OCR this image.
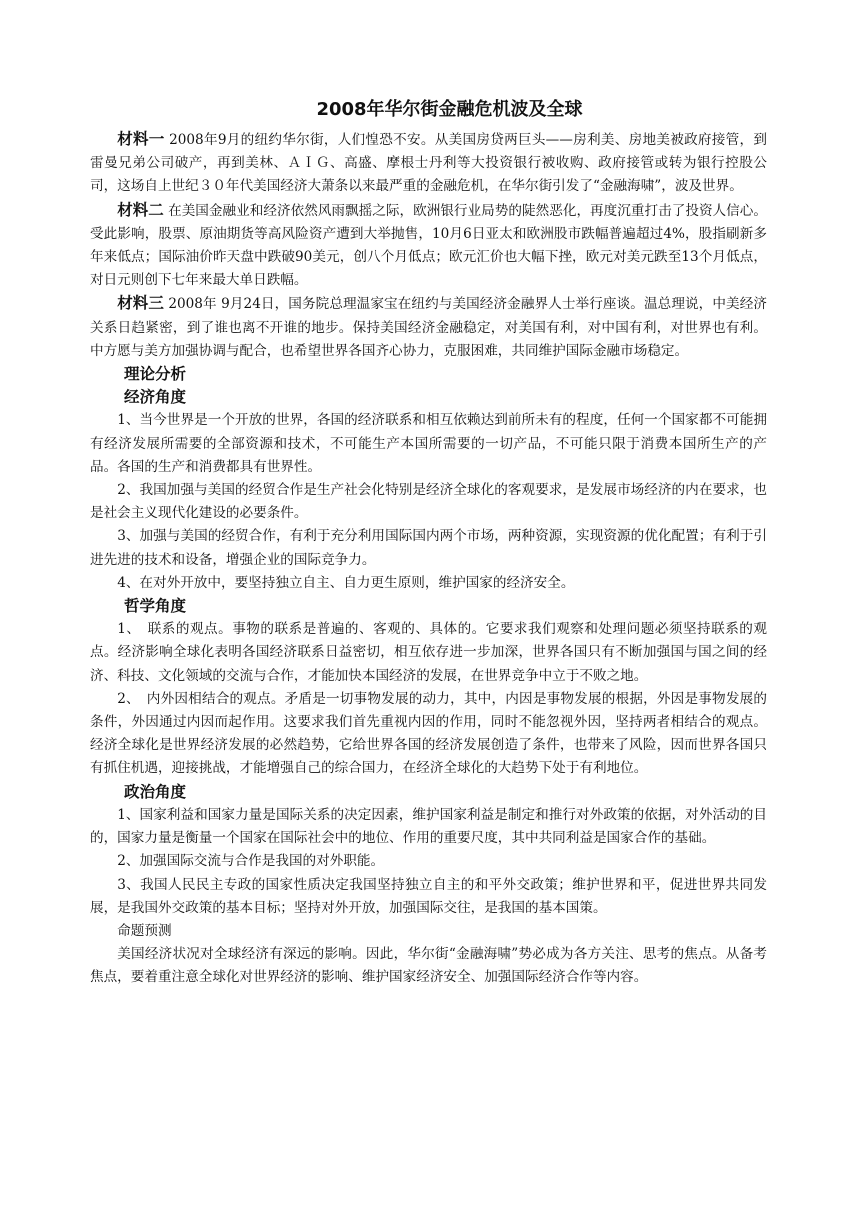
2008年华尔街金融危机波及全球

材料一 2008年9月的纽约华尔街，人们惶恐不安。从美国房贷两巨头——房利美、房地美被政府接管，到雷曼兄弟公司破产，再到美林、ＡＩＧ、高盛、摩根士丹利等大投资银行被收购、政府接管或转为银行控股公司，这场自上世纪３０年代美国经济大萧条以来最严重的金融危机，在华尔街引发了“金融海啸”，波及世界。

材料二 在美国金融业和经济依然风雨飘摇之际，欧洲银行业局势的陡然恶化，再度沉重打击了投资人信心。受此影响，股票、原油期货等高风险资产遭到大举抛售，10月6日亚太和欧洲股市跌幅普遍超过4%，股指刷新多年来低点；国际油价昨天盘中跌破90美元，创八个月低点；欧元汇价也大幅下挫，欧元对美元跌至13个月低点，对日元则创下七年来最大单日跌幅。

材料三 2008年 9月24日，国务院总理温家宝在纽约与美国经济金融界人士举行座谈。温总理说，中美经济关系日趋紧密，到了谁也离不开谁的地步。保持美国经济金融稳定，对美国有利，对中国有利，对世界也有利。中方愿与美方加强协调与配合，也希望世界各国齐心协力，克服困难，共同维护国际金融市场稳定。

理论分析
经济角度

1、当今世界是一个开放的世界，各国的经济联系和相互依赖达到前所未有的程度，任何一个国家都不可能拥有经济发展所需要的全部资源和技术，不可能生产本国所需要的一切产品，不可能只限于消费本国所生产的产品。各国的生产和消费都具有世界性。

2、我国加强与美国的经贸合作是生产社会化特别是经济全球化的客观要求，是发展市场经济的内在要求，也是社会主义现代化建设的必要条件。

3、加强与美国的经贸合作，有利于充分利用国际国内两个市场，两种资源，实现资源的优化配置；有利于引进先进的技术和设备，增强企业的国际竞争力。

4、在对外开放中，要坚持独立自主、自力更生原则，维护国家的经济安全。

哲学角度

1、　联系的观点。事物的联系是普遍的、客观的、具体的。它要求我们观察和处理问题必须坚持联系的观点。经济影响全球化表明各国经济联系日益密切，相互依存进一步加深，世界各国只有不断加强国与国之间的经济、科技、文化领域的交流与合作，才能加快本国经济的发展，在世界竞争中立于不败之地。

2、　内外因相结合的观点。矛盾是一切事物发展的动力，其中，内因是事物发展的根据，外因是事物发展的条件，外因通过内因而起作用。这要求我们首先重视内因的作用，同时不能忽视外因，坚持两者相结合的观点。经济全球化是世界经济发展的必然趋势，它给世界各国的经济发展创造了条件，也带来了风险，因而世界各国只有抓住机遇，迎接挑战，才能增强自己的综合国力，在经济全球化的大趋势下处于有利地位。

政治角度

1、国家利益和国家力量是国际关系的决定因素，维护国家利益是制定和推行对外政策的依据，对外活动的目的，国家力量是衡量一个国家在国际社会中的地位、作用的重要尺度，其中共同利益是国家合作的基础。

2、加强国际交流与合作是我国的对外职能。

3、我国人民民主专政的国家性质决定我国坚持独立自主的和平外交政策；维护世界和平，促进世界共同发展，是我国外交政策的基本目标；坚持对外开放，加强国际交往，是我国的基本国策。

命题预测

美国经济状况对全球经济有深远的影响。因此，华尔街“金融海啸”势必成为各方关注、思考的焦点。从备考焦点，要着重注意全球化对世界经济的影响、维护国家经济安全、加强国际经济合作等内容。
